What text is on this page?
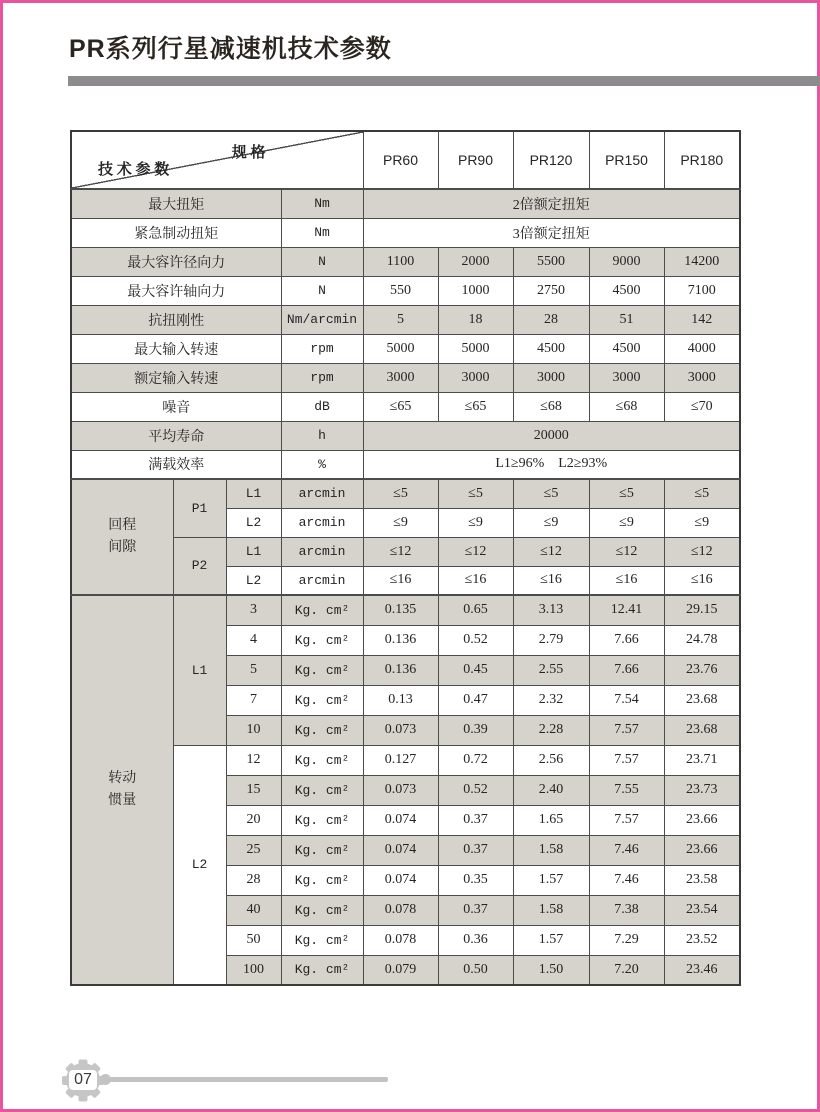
PR系列行星减速机技术参数
规 格
技 术 参 数				PR60	PR90	PR120	PR150	PR180
最大扭矩			Nm	2倍额定扭矩				
紧急制动扭矩			Nm	3倍额定扭矩				
最大容许径向力			N	1100	2000	5500	9000	14200
最大容许轴向力			N	550	1000	2750	4500	7100
抗扭刚性			Nm/arcmin	5	18	28	51	142
最大输入转速			rpm	5000	5000	4500	4500	4000
额定输入转速			rpm	3000	3000	3000	3000	3000
噪音			dB	≤65	≤65	≤68	≤68	≤70
平均寿命			h	20000				
满载效率			%	L1≥96%    L2≥93%				

回程
间隙	P1	L1	arcmin	≤5	≤5	≤5	≤5	≤5
		L2	arcmin	≤9	≤9	≤9	≤9	≤9
	P2	L1	arcmin	≤12	≤12	≤12	≤12	≤12
		L2	arcmin	≤16	≤16	≤16	≤16	≤16

转动
惯量	L1	3	Kg. cm²	0.135	0.65	3.13	12.41	29.15
		4	Kg. cm²	0.136	0.52	2.79	7.66	24.78
		5	Kg. cm²	0.136	0.45	2.55	7.66	23.76
		7	Kg. cm²	0.13	0.47	2.32	7.54	23.68
		10	Kg. cm²	0.073	0.39	2.28	7.57	23.68
	L2	12	Kg. cm²	0.127	0.72	2.56	7.57	23.71
		15	Kg. cm²	0.073	0.52	2.40	7.55	23.73
		20	Kg. cm²	0.074	0.37	1.65	7.57	23.66
		25	Kg. cm²	0.074	0.37	1.58	7.46	23.66
		28	Kg. cm²	0.074	0.35	1.57	7.46	23.58
		40	Kg. cm²	0.078	0.37	1.58	7.38	23.54
		50	Kg. cm²	0.078	0.36	1.57	7.29	23.52
		100	Kg. cm²	0.079	0.50	1.50	7.20	23.46
07
